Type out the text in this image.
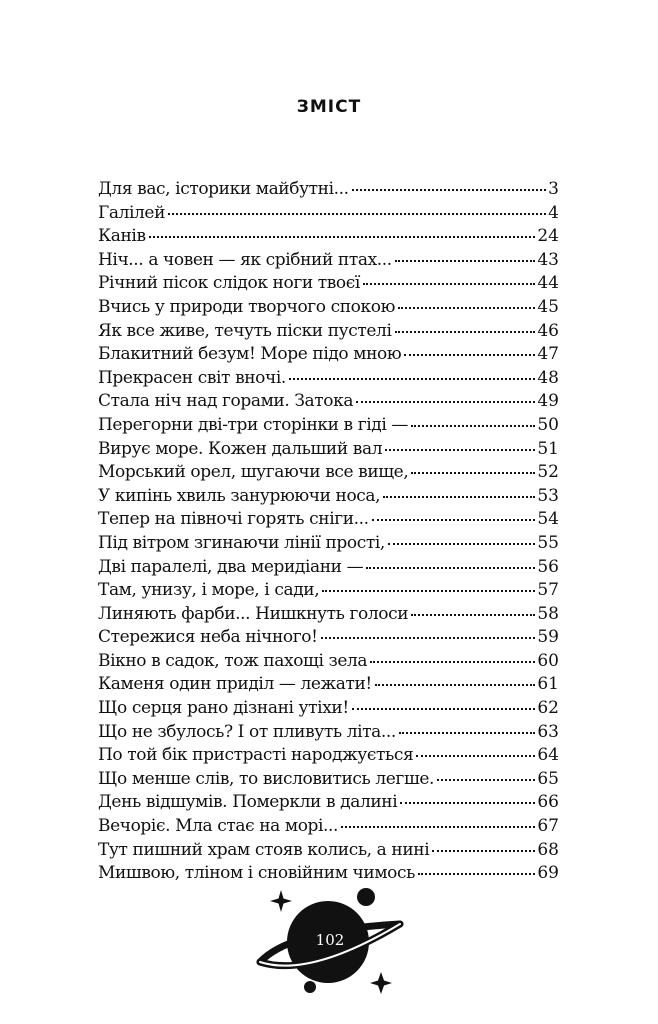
ЗМІСТ
Для вас, історики майбутні...	3
Галілей	4
Канів	24
Ніч... а човен — як срібний птах...	43
Річний пісок слідок ноги твоєї	44
Вчись у природи творчого спокою	45
Як все живе, течуть піски пустелі	46
Блакитний безум! Море підо мною	47
Прекрасен світ вночі.	48
Стала ніч над горами. Затока	49
Перегорни дві-три сторінки в гіді —	50
Вирує море. Кожен дальший вал	51
Морський орел, шугаючи все вище,	52
У кипінь хвиль занурюючи носа,	53
Тепер на півночі горять сніги...	54
Під вітром згинаючи лінії прості,	55
Дві паралелі, два меридіани —	56
Там, унизу, і море, і сади,	57
Линяють фарби... Нишкнуть голоси	58
Стережися неба нічного!	59
Вікно в садок, тож пахощі зела	60
Каменя один приділ — лежати!	61
Що серця рано дізнані утіхи!	62
Що не збулось? І от пливуть літа...	63
По той бік пристрасті народжується	64
Що менше слів, то висловитись легше.	65
День відшумів. Померкли в далині	66
Вечоріє. Мла стає на морі...	67
Тут пишний храм стояв колись, а нині	68
Мишвою, тліном і сновійним чимось	69
102
